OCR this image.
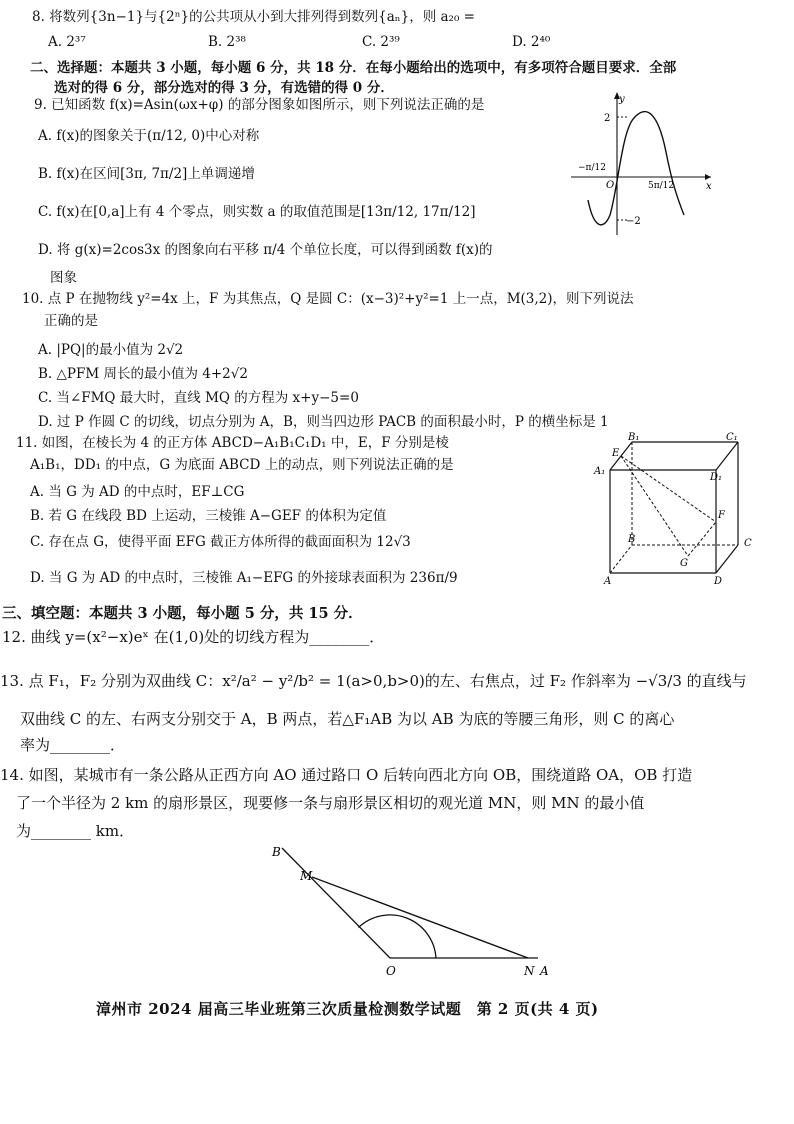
8. 将数列{3n−1}与{2ⁿ}的公共项从小到大排列得到数列{aₙ}，则 a₂₀ =
A. 2³⁷	B. 2³⁸	C. 2³⁹	D. 2⁴⁰
二、选择题：本题共 3 小题，每小题 6 分，共 18 分．在每小题给出的选项中，有多项符合题目要求．全部
选对的得 6 分，部分选对的得 3 分，有选错的得 0 分．
9. 已知函数 f(x)=Asin(ωx+φ) 的部分图象如图所示，则下列说法正确的是
A. f(x)的图象关于(π/12, 0)中心对称
B. f(x)在区间[3π, 7π/2]上单调递增
C. f(x)在[0,a]上有 4 个零点，则实数 a 的取值范围是[13π/12, 17π/12]
D. 将 g(x)=2cos3x 的图象向右平移 π/4 个单位长度，可以得到函数 f(x)的
图象
y
x
O
2
−2
−π/12
5π/12
10. 点 P 在抛物线 y²=4x 上，F 为其焦点，Q 是圆 C：(x−3)²+y²=1 上一点，M(3,2)，则下列说法
正确的是
A. |PQ|的最小值为 2√2
B. △PFM 周长的最小值为 4+2√2
C. 当∠FMQ 最大时，直线 MQ 的方程为 x+y−5=0
D. 过 P 作圆 C 的切线，切点分别为 A，B，则当四边形 PACB 的面积最小时，P 的横坐标是 1
11. 如图，在棱长为 4 的正方体 ABCD−A₁B₁C₁D₁ 中，E，F 分别是棱
A₁B₁，DD₁ 的中点，G 为底面 ABCD 上的动点，则下列说法正确的是
A. 当 G 为 AD 的中点时，EF⊥CG
B. 若 G 在线段 BD 上运动，三棱锥 A−GEF 的体积为定值
C. 存在点 G，使得平面 EFG 截正方体所得的截面面积为 12√3
D. 当 G 为 AD 的中点时，三棱锥 A₁−EFG 的外接球表面积为 236π/9
A₁
B₁	C₁
D₁
E
F
G
B	C
A	D
三、填空题：本题共 3 小题，每小题 5 分，共 15 分．
12. 曲线 y=(x²−x)eˣ 在(1,0)处的切线方程为________．
13. 点 F₁，F₂ 分别为双曲线 C：x²/a² − y²/b² = 1(a>0,b>0)的左、右焦点，过 F₂ 作斜率为 −√3/3 的直线与
双曲线 C 的左、右两支分别交于 A，B 两点，若△F₁AB 为以 AB 为底的等腰三角形，则 C 的离心
率为________．
14. 如图，某城市有一条公路从正西方向 AO 通过路口 O 后转向西北方向 OB，围绕道路 OA，OB 打造
了一个半径为 2 km 的扇形景区，现要修一条与扇形景区相切的观光道 MN，则 MN 的最小值
为________ km．
B
M
O	N A
漳州市 2024 届高三毕业班第三次质量检测数学试题　第 2 页(共 4 页)
